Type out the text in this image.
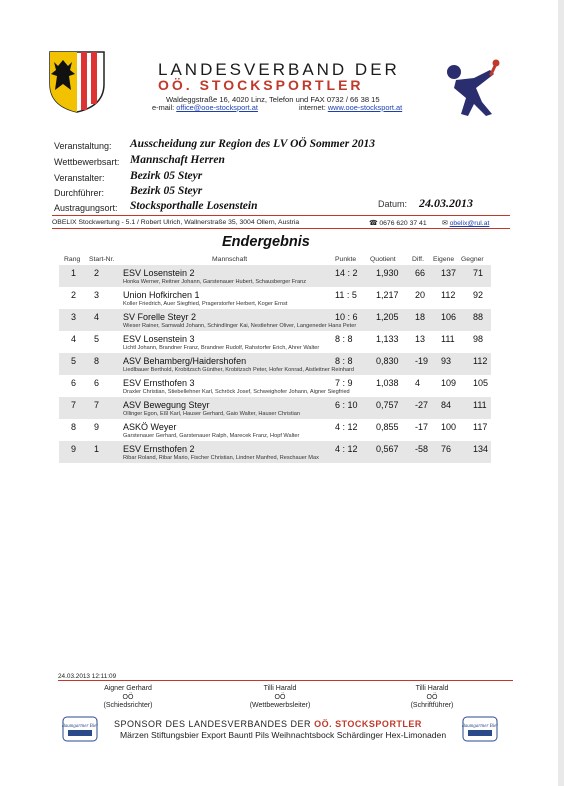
LANDESVERBAND DER
OÖ. STOCKSPORTLER
Waldeggstraße 16, 4020 Linz, Telefon und FAX 0732 / 66 38 15
e-mail: office@ooe-stocksport.at	internet: www.ooe-stocksport.at
Veranstaltung: Ausscheidung zur Region des LV OÖ Sommer 2013
Wettbewerbsart: Mannschaft Herren
Veranstalter: Bezirk 05 Steyr
Durchführer: Bezirk 05 Steyr
Austragungsort: Stocksporthalle Losenstein	Datum: 24.03.2013
OBELIX Stockwertung - 5.1 / Robert Ulrich, Wallnerstraße 35, 3004 Ollern, Austria	☎ 0676 620 37 41 ✉ obelix@rul.at
Endergebnis
Rang Start-Nr.	Mannschaft	Punkte Quotient Diff. Eigene Gegner
1 2	ESV Losenstein 2	14 : 2 1,930 66 137 71
Honka Werner, Reitner Johann, Garstenauer Hubert, Schausberger Franz
2 3	Union Hofkirchen 1	11 : 5 1,217 20 112 92
Koller Friedrich, Auer Siegfried, Pragerstorfer Herbert, Koger Ernst
3 4	SV Forelle Steyr 2	10 : 6 1,205 18 106 88
Wieser Rainer, Samwald Johann, Schindlinger Kai, Nestlehner Oliver, Langeneder Hans Peter
4 5	ESV Losenstein 3	8 : 8	1,133 13 111 98
Lichtl Johann, Brandner Franz, Brandner Rudolf, Rahstorfer Erich, Ahrer Walter
5 8	ASV Behamberg/Haidershofen	8 : 8	0,830 -19 93 112
Liedlbauer Berthold, Krobitzsch Günther, Krobitzsch Peter, Hofer Konrad, Aistleitner Reinhard
6 6	ESV Ernsthofen 3	7 : 9	1,038 4 109 105
Draxler Christian, Stiebellehner Karl, Schröck Josef, Schweighofer Johann, Aigner Siegfried
7 7	ASV Bewegung Steyr	6 : 10 0,757 -27 84 111
Ollinger Egon, Eßl Karl, Hauser Gerhard, Gaio Walter, Hauser Christian
8 9	ASKÖ Weyer	4 : 12 0,855 -17 100 117
Garstenauer Gerhard, Garstenauer Ralph, Marecek Franz, Hopf Walter
9 1	ESV Ernsthofen 2	4 : 12 0,567 -58 76 134
Ribar Roland, Ribar Mario, Fischer Christian, Lindner Manfred, Reschauer Max
24.03.2013 12:11:09
Aigner Gerhard
OÖ
(Schiedsrichter)
Tilli Harald
OÖ
(Wettbewerbsleiter)
Tilli Harald
OÖ
(Schriftführer)
Baumgartner Bier SPONSOR DES LANDESVERBANDES DER OÖ. STOCKSPORTLER
Märzen Stiftungsbier Export Bauntl Pils Weihnachtsbock Schärdinger Hex-Limonaden
Baumgartner Bier
